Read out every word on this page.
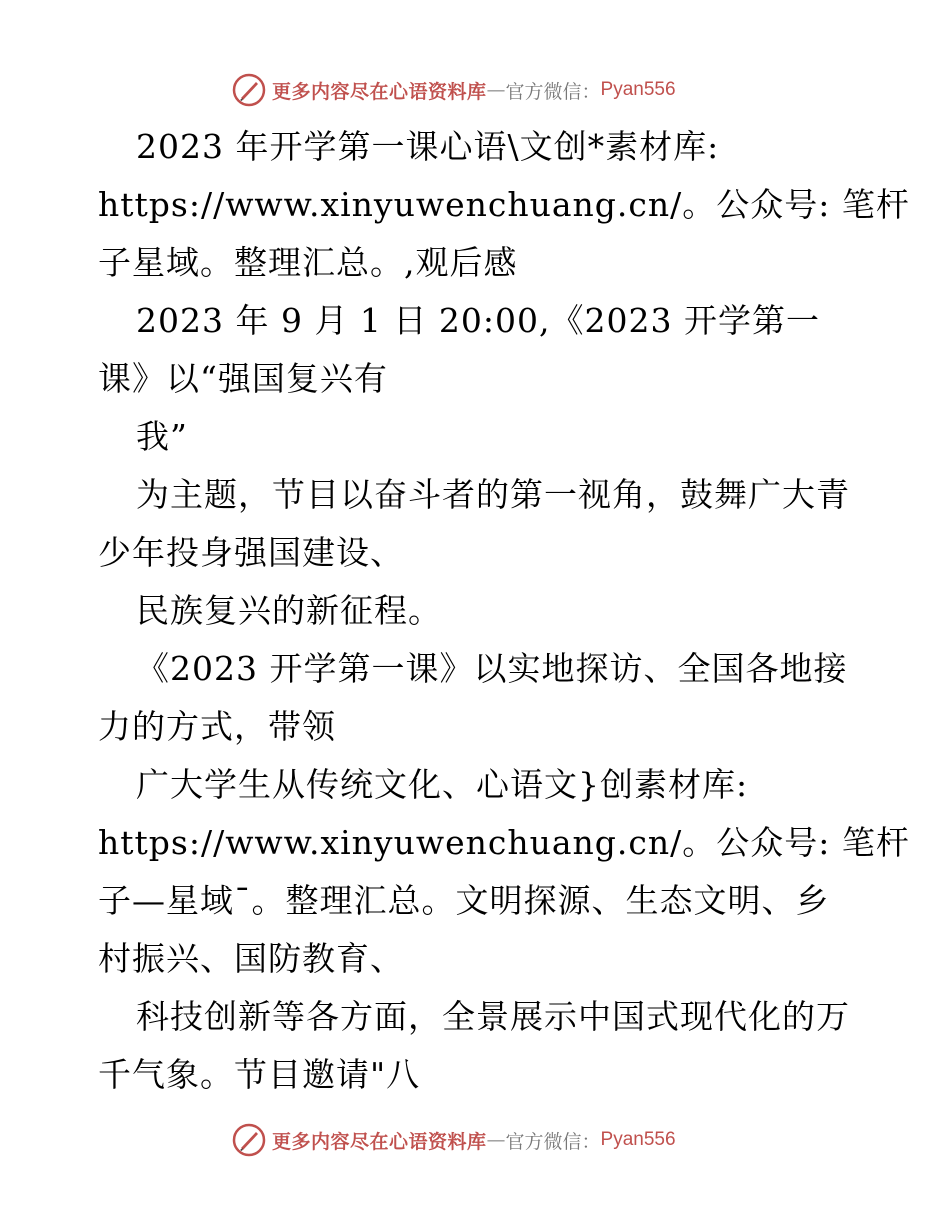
更多内容尽在心语资料库 — 官方微信： Pyan556
2023 年开学第一课心语\文创*素材库:
https://www.xinyuwenchuang.cn/。公众号: 笔杆
子星域。整理汇总。,观后感
2023 年 9 月 1 日 20:00,《2023 开学第一
课》以“强国复兴有
我”
为主题，节目以奋斗者的第一视角，鼓舞广大青
少年投身强国建设、
民族复兴的新征程。
《2023 开学第一课》以实地探访、全国各地接
力的方式，带领
广大学生从传统文化、心语文}创素材库:
https://www.xinyuwenchuang.cn/。公众号: 笔杆
子—星域¯。整理汇总。文明探源、生态文明、乡
村振兴、国防教育、
科技创新等各方面，全景展示中国式现代化的万
千气象。节目邀请"八
更多内容尽在心语资料库 — 官方微信： Pyan556
